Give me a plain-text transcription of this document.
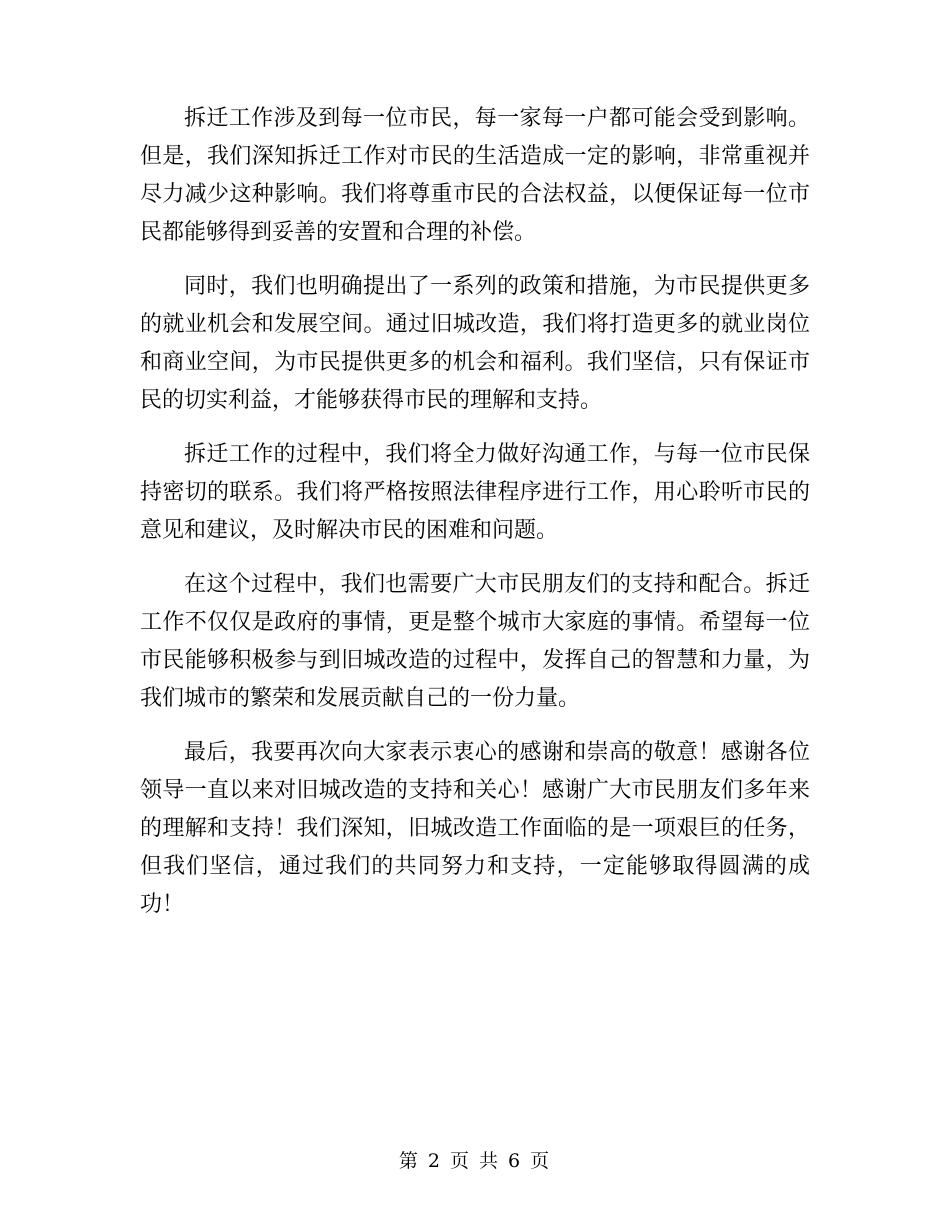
拆迁工作涉及到每一位市民，每一家每一户都可能会受到影响。但是，我们深知拆迁工作对市民的生活造成一定的影响，非常重视并尽力减少这种影响。我们将尊重市民的合法权益，以便保证每一位市民都能够得到妥善的安置和合理的补偿。

同时，我们也明确提出了一系列的政策和措施，为市民提供更多的就业机会和发展空间。通过旧城改造，我们将打造更多的就业岗位和商业空间，为市民提供更多的机会和福利。我们坚信，只有保证市民的切实利益，才能够获得市民的理解和支持。

拆迁工作的过程中，我们将全力做好沟通工作，与每一位市民保持密切的联系。我们将严格按照法律程序进行工作，用心聆听市民的意见和建议，及时解决市民的困难和问题。

在这个过程中，我们也需要广大市民朋友们的支持和配合。拆迁工作不仅仅是政府的事情，更是整个城市大家庭的事情。希望每一位市民能够积极参与到旧城改造的过程中，发挥自己的智慧和力量，为我们城市的繁荣和发展贡献自己的一份力量。

最后，我要再次向大家表示衷心的感谢和崇高的敬意！感谢各位领导一直以来对旧城改造的支持和关心！感谢广大市民朋友们多年来的理解和支持！我们深知，旧城改造工作面临的是一项艰巨的任务，但我们坚信，通过我们的共同努力和支持，一定能够取得圆满的成功！

第 2 页 共 6 页
